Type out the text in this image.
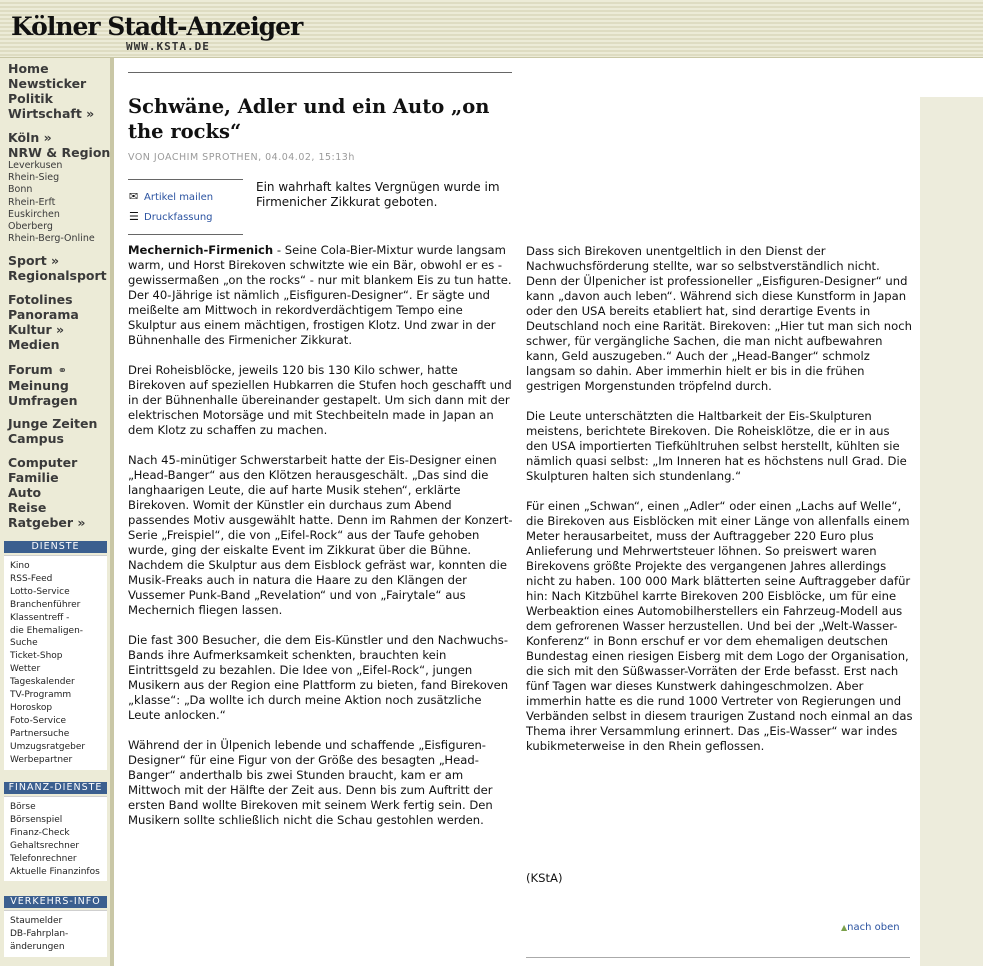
Kölner Stadt-Anzeiger
WWW.KSTA.DE
Home
Newsticker
Politik
Wirtschaft »
Köln »
NRW & Region
Leverkusen
Rhein-Sieg
Bonn
Rhein-Erft
Euskirchen
Oberberg
Rhein-Berg-Online
Sport »
Regionalsport
Fotolines
Panorama
Kultur »
Medien
Forum ⚭
Meinung
Umfragen
Junge Zeiten
Campus
Computer
Familie
Auto
Reise
Ratgeber »
DIENSTE
Kino
RSS-Feed
Lotto-Service
Branchenführer
Klassentreff -
die Ehemaligen-
Suche
Ticket-Shop
Wetter
Tageskalender
TV-Programm
Horoskop
Foto-Service
Partnersuche
Umzugsratgeber
Werbepartner
FINANZ-DIENSTE
Börse
Börsenspiel
Finanz-Check
Gehaltsrechner
Telefonrechner
Aktuelle Finanzinfos
VERKEHRS-INFO
Staumelder
DB-Fahrplan-
änderungen
Schwäne, Adler und ein Auto „on the rocks“
VON JOACHIM SPROTHEN, 04.04.02, 15:13h
✉ Artikel mailen
☰ Druckfassung
Ein wahrhaft kaltes Vergnügen wurde im Firmenicher Zikkurat geboten.

Mechernich-Firmenich - Seine Cola-Bier-Mixtur wurde langsam warm, und Horst Birekoven schwitzte wie ein Bär, obwohl er es - gewissermaßen „on the rocks“ - nur mit blankem Eis zu tun hatte. Der 40-Jährige ist nämlich „Eisfiguren-Designer“. Er sägte und meißelte am Mittwoch in rekordverdächtigem Tempo eine Skulptur aus einem mächtigen, frostigen Klotz. Und zwar in der Bühnenhalle des Firmenicher Zikkurat.

Drei Roheisblöcke, jeweils 120 bis 130 Kilo schwer, hatte Birekoven auf speziellen Hubkarren die Stufen hoch geschafft und in der Bühnenhalle übereinander gestapelt. Um sich dann mit der elektrischen Motorsäge und mit Stechbeiteln made in Japan an dem Klotz zu schaffen zu machen.

Nach 45-minütiger Schwerstarbeit hatte der Eis-Designer einen „Head-Banger“ aus den Klötzen herausgeschält. „Das sind die langhaarigen Leute, die auf harte Musik stehen“, erklärte Birekoven. Womit der Künstler ein durchaus zum Abend passendes Motiv ausgewählt hatte. Denn im Rahmen der Konzert-Serie „Freispiel“, die von „Eifel-Rock“ aus der Taufe gehoben wurde, ging der eiskalte Event im Zikkurat über die Bühne. Nachdem die Skulptur aus dem Eisblock gefräst war, konnten die Musik-Freaks auch in natura die Haare zu den Klängen der Vussemer Punk-Band „Revelation“ und von „Fairytale“ aus Mechernich fliegen lassen.

Die fast 300 Besucher, die dem Eis-Künstler und den Nachwuchs-Bands ihre Aufmerksamkeit schenkten, brauchten kein Eintrittsgeld zu bezahlen. Die Idee von „Eifel-Rock“, jungen Musikern aus der Region eine Plattform zu bieten, fand Birekoven „klasse“: „Da wollte ich durch meine Aktion noch zusätzliche Leute anlocken.“

Während der in Ülpenich lebende und schaffende „Eisfiguren-Designer“ für eine Figur von der Größe des besagten „Head-Banger“ anderthalb bis zwei Stunden braucht, kam er am Mittwoch mit der Hälfte der Zeit aus. Denn bis zum Auftritt der ersten Band wollte Birekoven mit seinem Werk fertig sein. Den Musikern sollte schließlich nicht die Schau gestohlen werden.

Dass sich Birekoven unentgeltlich in den Dienst der Nachwuchsförderung stellte, war so selbstverständlich nicht. Denn der Ülpenicher ist professioneller „Eisfiguren-Designer“ und kann „davon auch leben“. Während sich diese Kunstform in Japan oder den USA bereits etabliert hat, sind derartige Events in Deutschland noch eine Rarität. Birekoven: „Hier tut man sich noch schwer, für vergängliche Sachen, die man nicht aufbewahren kann, Geld auszugeben.“ Auch der „Head-Banger“ schmolz langsam so dahin. Aber immerhin hielt er bis in die frühen gestrigen Morgenstunden tröpfelnd durch.

Die Leute unterschätzten die Haltbarkeit der Eis-Skulpturen meistens, berichtete Birekoven. Die Roheisklötze, die er in aus den USA importierten Tiefkühltruhen selbst herstellt, kühlten sie nämlich quasi selbst: „Im Inneren hat es höchstens null Grad. Die Skulpturen halten sich stundenlang.“

Für einen „Schwan“, einen „Adler“ oder einen „Lachs auf Welle“, die Birekoven aus Eisblöcken mit einer Länge von allenfalls einem Meter herausarbeitet, muss der Auftraggeber 220 Euro plus Anlieferung und Mehrwertsteuer löhnen. So preiswert waren Birekovens größte Projekte des vergangenen Jahres allerdings nicht zu haben. 100 000 Mark blätterten seine Auftraggeber dafür hin: Nach Kitzbühel karrte Birekoven 200 Eisblöcke, um für eine Werbeaktion eines Automobilherstellers ein Fahrzeug-Modell aus dem gefrorenen Wasser herzustellen. Und bei der „Welt-Wasser-Konferenz“ in Bonn erschuf er vor dem ehemaligen deutschen Bundestag einen riesigen Eisberg mit dem Logo der Organisation, die sich mit den Süßwasser-Vorräten der Erde befasst. Erst nach fünf Tagen war dieses Kunstwerk dahingeschmolzen. Aber immerhin hatte es die rund 1000 Vertreter von Regierungen und Verbänden selbst in diesem traurigen Zustand noch einmal an das Thema ihrer Versammlung erinnert. Das „Eis-Wasser“ war indes kubikmeterweise in den Rhein geflossen.

(KStA)
▲nach oben
